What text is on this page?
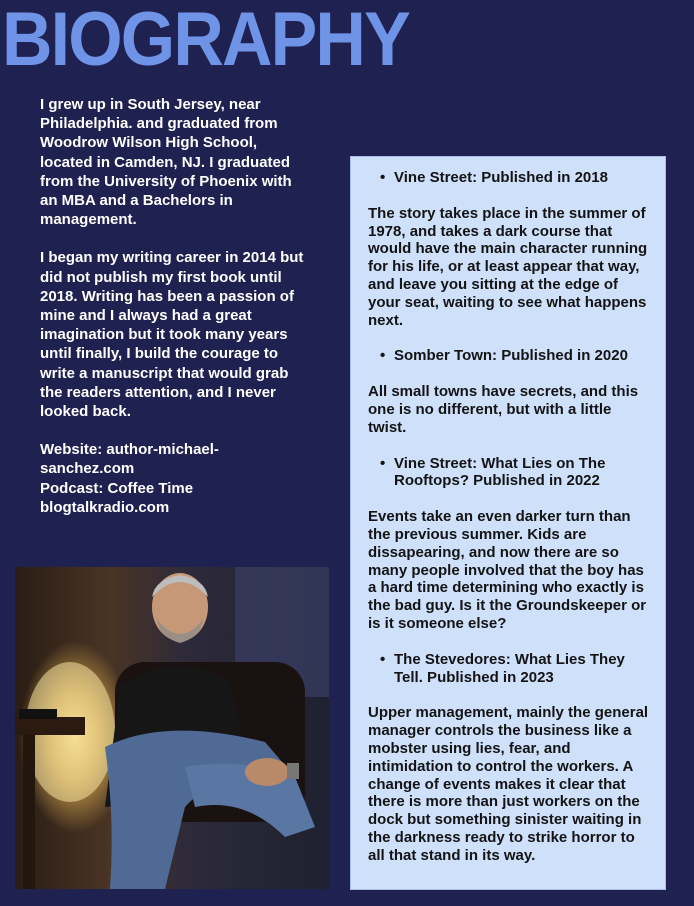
BIOGRAPHY

I grew up in South Jersey, near Philadelphia. and graduated from Woodrow Wilson High School, located in Camden, NJ. I graduated from the University of Phoenix with an MBA and a Bachelors in management.

I began my writing career in 2014 but did not publish my first book until 2018. Writing has been a passion of mine and I always had a great imagination but it took many years until finally, I build the courage to write a manuscript that would grab the readers attention, and I never looked back.

Website: author-michael-sanchez.com

Podcast: Coffee Time blogtalkradio.com

• Vine Street: Published in 2018

The story takes place in the summer of 1978, and takes a dark course that would have the main character running for his life, or at least appear that way, and leave you sitting at the edge of your seat, waiting to see what happens next.

• Somber Town: Published in 2020

All small towns have secrets, and this one is no different, but with a little twist.

• Vine Street: What Lies on The Rooftops? Published in 2022

Events take an even darker turn than the previous summer. Kids are dissapearing, and now there are so many people involved that the boy has a hard time determining who exactly is the bad guy. Is it the Groundskeeper or is it someone else?

• The Stevedores: What Lies They Tell. Published in 2023

Upper management, mainly the general manager controls the business like a mobster using lies, fear, and intimidation to control the workers. A change of events makes it clear that there is more than just workers on the dock but something sinister waiting in the darkness ready to strike horror to all that stand in its way.
